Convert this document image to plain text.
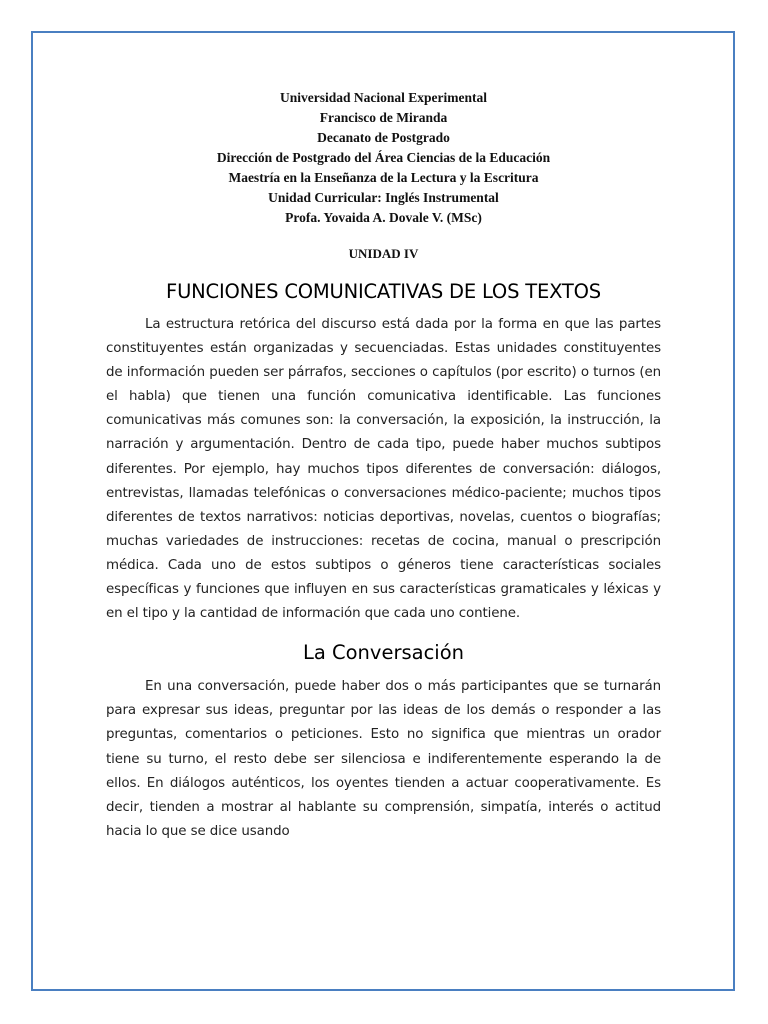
Universidad Nacional Experimental
Francisco de Miranda
Decanato de Postgrado
Dirección de Postgrado del Área Ciencias de la Educación
Maestría en la Enseñanza de la Lectura y la Escritura
Unidad Curricular: Inglés Instrumental
Profa. Yovaida A. Dovale V. (MSc)
UNIDAD IV
FUNCIONES COMUNICATIVAS DE LOS TEXTOS

La estructura retórica del discurso está dada por la forma en que las partes constituyentes están organizadas y secuenciadas. Estas unidades constituyentes de información pueden ser párrafos, secciones o capítulos (por escrito) o turnos (en el habla) que tienen una función comunicativa identificable. Las funciones comunicativas más comunes son: la conversación, la exposición, la instrucción, la narración y argumentación. Dentro de cada tipo, puede haber muchos subtipos diferentes. Por ejemplo, hay muchos tipos diferentes de conversación: diálogos, entrevistas, llamadas telefónicas o conversaciones médico-paciente; muchos tipos diferentes de textos narrativos: noticias deportivas, novelas, cuentos o biografías; muchas variedades de instrucciones: recetas de cocina, manual o prescripción médica. Cada uno de estos subtipos o géneros tiene características sociales específicas y funciones que influyen en sus características gramaticales y léxicas y en el tipo y la cantidad de información que cada uno contiene.

La Conversación

En una conversación, puede haber dos o más participantes que se turnarán para expresar sus ideas, preguntar por las ideas de los demás o responder a las preguntas, comentarios o peticiones. Esto no significa que mientras un orador tiene su turno, el resto debe ser silenciosa e indiferentemente esperando la de ellos. En diálogos auténticos, los oyentes tienden a actuar cooperativamente. Es decir, tienden a mostrar al hablante su comprensión, simpatía, interés o actitud hacia lo que se dice usando
